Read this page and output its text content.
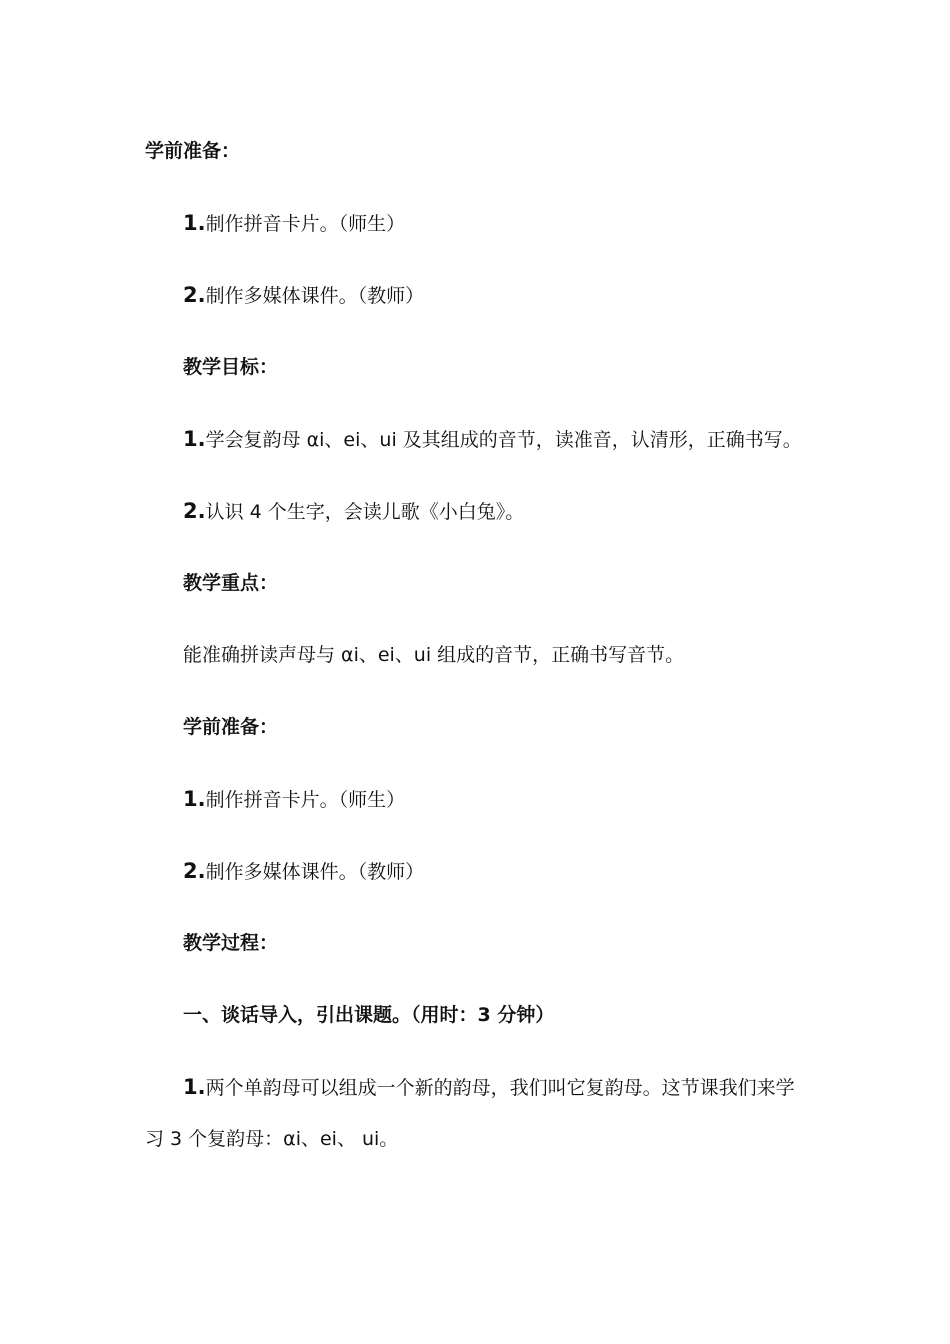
学前准备：
1.制作拼音卡片。（师生）
2.制作多媒体课件。（教师）
教学目标：
1.学会复韵母 αi、ei、ui 及其组成的音节，读准音，认清形，正确书写。
2.认识 4 个生字，会读儿歌《小白兔》。
教学重点：
能准确拼读声母与 αi、ei、ui 组成的音节，正确书写音节。
学前准备：
1.制作拼音卡片。（师生）
2.制作多媒体课件。（教师）
教学过程：
一、谈话导入，引出课题。（用时：3 分钟）
1.两个单韵母可以组成一个新的韵母，我们叫它复韵母。这节课我们来学
习 3 个复韵母：αi、ei、 ui。
